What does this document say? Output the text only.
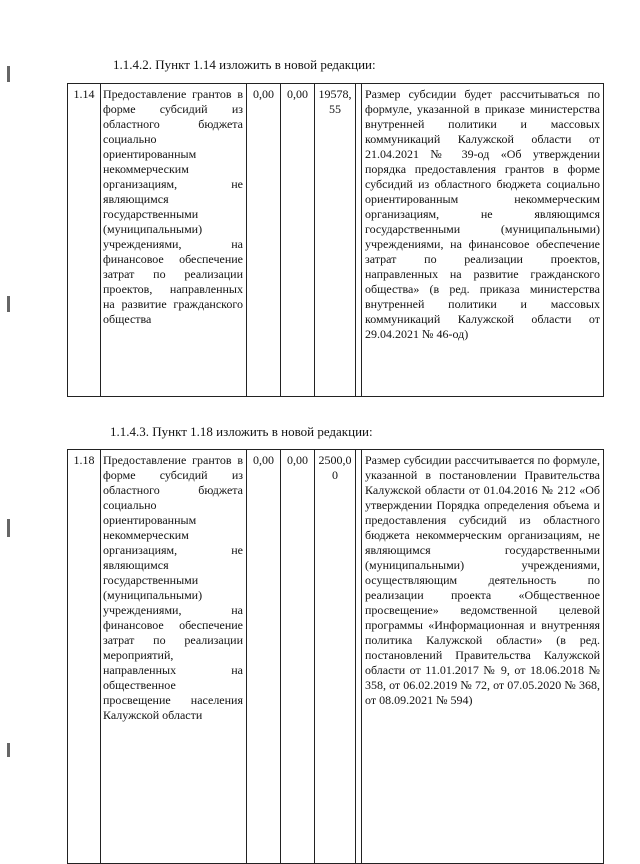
1.1.4.2. Пункт 1.14 изложить в новой редакции:
1.14	Предоставление грантов в форме субсидий из областного бюджета социально ориентированным некоммерческим организациям, не являющимся государственными (муниципальными) учреждениями, на финансовое обеспечение затрат по реализации проектов, направленных на развитие гражданского общества	0,00	0,00	19578,55		Размер субсидии будет рассчитываться по формуле, указанной в приказе министерства внутренней политики и массовых коммуникаций Калужской области от 21.04.2021 № 39-од «Об утверждении порядка предоставления грантов в форме субсидий из областного бюджета социально ориентированным некоммерческим организациям, не являющимся государственными (муниципальными) учреждениями, на финансовое обеспечение затрат по реализации проектов, направленных на развитие гражданского общества» (в ред. приказа министерства внутренней политики и массовых коммуникаций Калужской области от 29.04.2021 № 46-од)
1.1.4.3. Пункт 1.18 изложить в новой редакции:
1.18	Предоставление грантов в форме субсидий из областного бюджета социально ориентированным некоммерческим организациям, не являющимся государственными (муниципальными) учреждениями, на финансовое обеспечение затрат по реализации мероприятий, направленных на общественное просвещение населения Калужской области	0,00	0,00	2500,00		Размер субсидии рассчитывается по формуле, указанной в постановлении Правительства Калужской области от 01.04.2016 № 212 «Об утверждении Порядка определения объема и предоставления субсидий из областного бюджета некоммерческим организациям, не являющимся государственными (муниципальными) учреждениями, осуществляющим деятельность по реализации проекта «Общественное просвещение» ведомственной целевой программы «Информационная и внутренняя политика Калужской области» (в ред. постановлений Правительства Калужской области от 11.01.2017 № 9, от 18.06.2018 № 358, от 06.02.2019 № 72, от 07.05.2020 № 368, от 08.09.2021 № 594)
